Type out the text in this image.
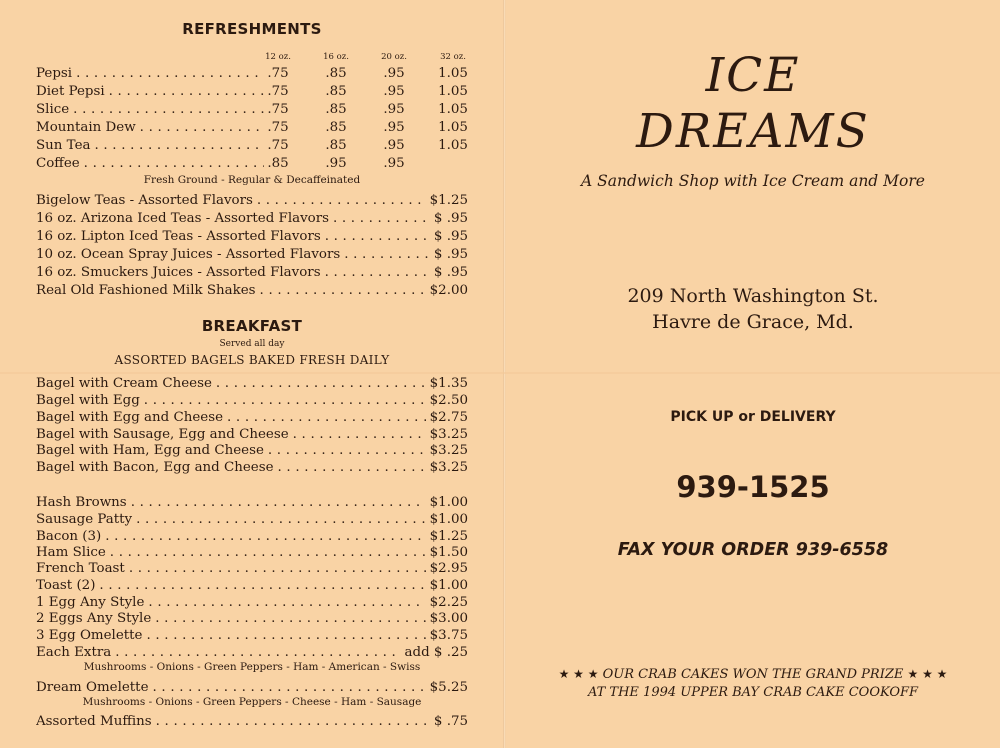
REFRESHMENTS
12 oz.	16 oz.	20 oz.	32 oz.
Pepsi . . .	.75	.85	.95	1.05
Diet Pepsi . . .	.75	.85	.95	1.05
Slice . . .	.75	.85	.95	1.05
Mountain Dew . . .	.75	.85	.95	1.05
Sun Tea . . .	.75	.85	.95	1.05
Coffee . . .	.85	.95	.95
Fresh Ground - Regular & Decaffeinated
Bigelow Teas - Assorted Flavors . . .	$1.25
16 oz. Arizona Iced Teas - Assorted Flavors . . .	$ .95
16 oz. Lipton Iced Teas - Assorted Flavors . . .	$ .95
10 oz. Ocean Spray Juices - Assorted Flavors . . .	$ .95
16 oz. Smuckers Juices - Assorted Flavors . . .	$ .95
Real Old Fashioned Milk Shakes . . .	$2.00
BREAKFAST
Served all day
ASSORTED BAGELS BAKED FRESH DAILY
Bagel with Cream Cheese . . .	$1.35
Bagel with Egg . . .	$2.50
Bagel with Egg and Cheese . . .	$2.75
Bagel with Sausage, Egg and Cheese . . .	$3.25
Bagel with Ham, Egg and Cheese . . .	$3.25
Bagel with Bacon, Egg and Cheese . . .	$3.25
Hash Browns . . .	$1.00
Sausage Patty . . .	$1.00
Bacon (3) . . .	$1.25
Ham Slice . . .	$1.50
French Toast . . .	$2.95
Toast (2) . . .	$1.00
1 Egg Any Style . . .	$2.25
2 Eggs Any Style . . .	$3.00
3 Egg Omelette . . .	$3.75
Each Extra . . .	add $ .25
Mushrooms - Onions - Green Peppers - Ham - American - Swiss
Dream Omelette . . .	$5.25
Mushrooms - Onions - Green Peppers - Cheese - Ham - Sausage
Assorted Muffins . . .	$ .75
ICE
DREAMS
A Sandwich Shop with Ice Cream and More
209 North Washington St.
Havre de Grace, Md.
PICK UP or DELIVERY
939-1525
FAX YOUR ORDER 939-6558
★ ★ ★ OUR CRAB CAKES WON THE GRAND PRIZE ★ ★ ★
AT THE 1994 UPPER BAY CRAB CAKE COOKOFF
